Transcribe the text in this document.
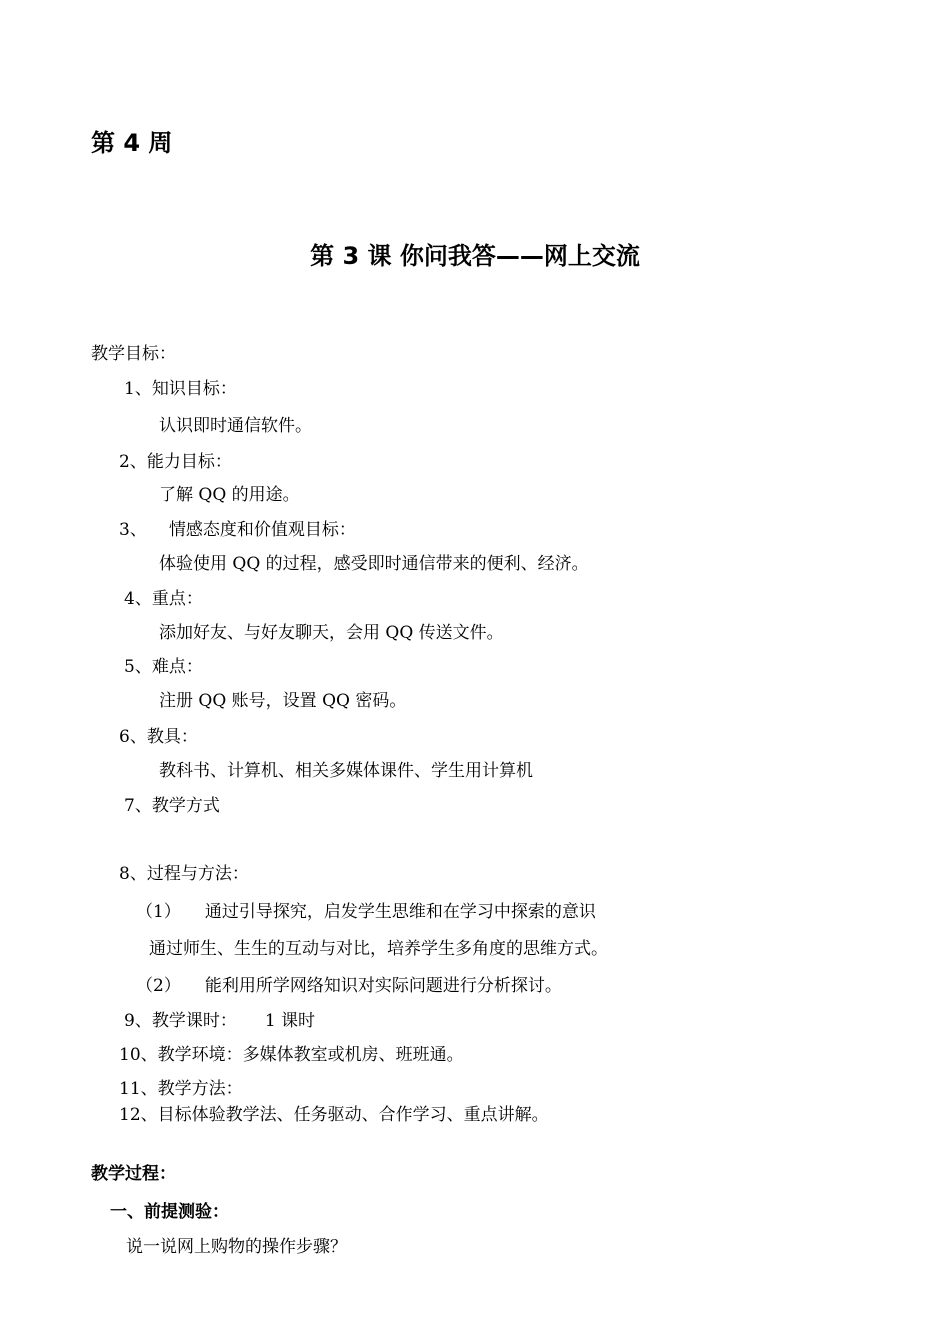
第 4 周
第 3 课 你问我答——网上交流
教学目标：
1、知识目标：
认识即时通信软件。
2、能力目标：
了解 QQ 的用途。
3、 情感态度和价值观目标：
体验使用 QQ 的过程，感受即时通信带来的便利、经济。
4、重点：
添加好友、与好友聊天，会用 QQ 传送文件。
5、难点：
注册 QQ 账号，设置 QQ 密码。
6、教具：
教科书、计算机、相关多媒体课件、学生用计算机
7、教学方式
8、过程与方法：
（1） 通过引导探究，启发学生思维和在学习中探索的意识
通过师生、生生的互动与对比，培养学生多角度的思维方式。
（2） 能利用所学网络知识对实际问题进行分析探讨。
9、教学课时： 1 课时
10、教学环境：多媒体教室或机房、班班通。
11、教学方法：
12、目标体验教学法、任务驱动、合作学习、重点讲解。
教学过程：
一、前提测验：
说一说网上购物的操作步骤？
